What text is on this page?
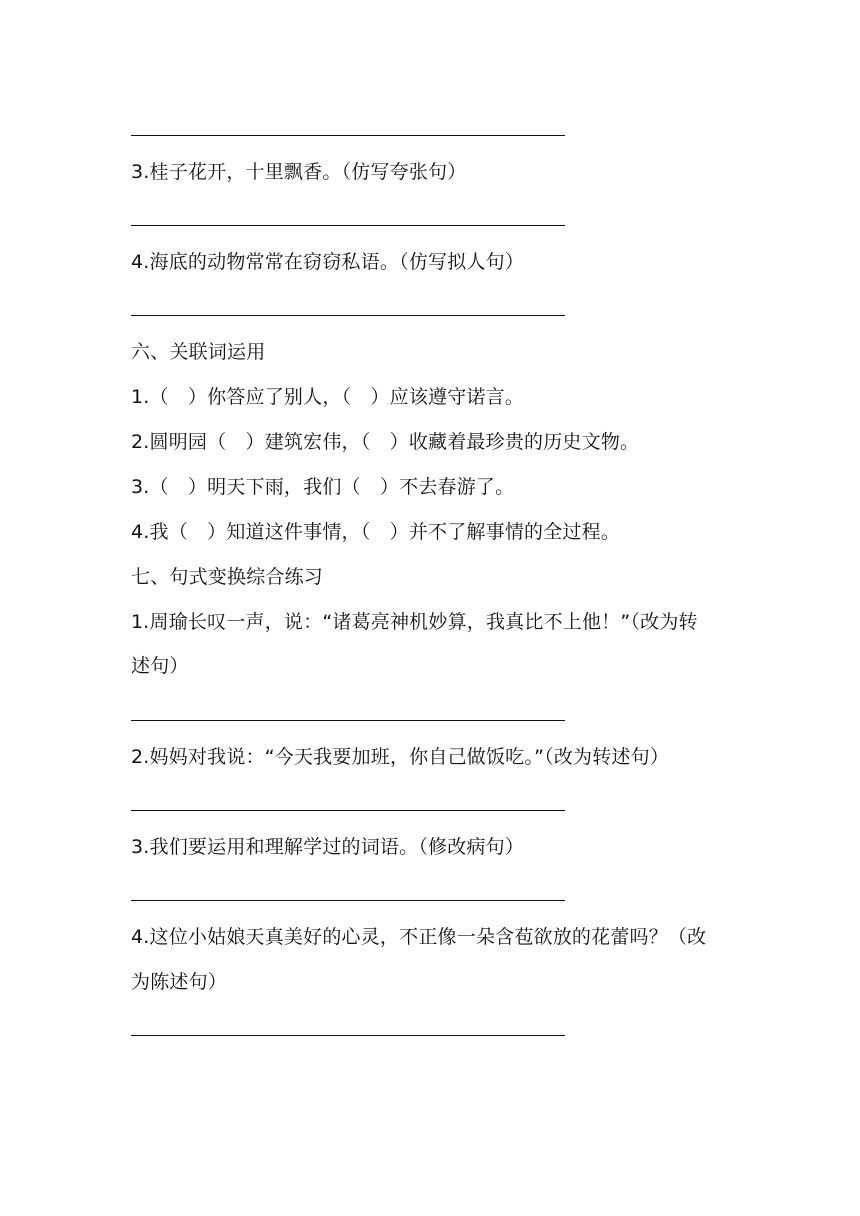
3.桂子花开，十里飘香。（仿写夸张句）
4.海底的动物常常在窃窃私语。（仿写拟人句）
六、关联词运用
1.（　）你答应了别人，（　）应该遵守诺言。
2.圆明园（　）建筑宏伟，（　）收藏着最珍贵的历史文物。
3.（　）明天下雨，我们（　）不去春游了。
4.我（　）知道这件事情，（　）并不了解事情的全过程。
七、句式变换综合练习
1.周瑜长叹一声，说：“诸葛亮神机妙算，我真比不上他！”（改为转
述句）
2.妈妈对我说：“今天我要加班，你自己做饭吃。”（改为转述句）
3.我们要运用和理解学过的词语。（修改病句）
4.这位小姑娘天真美好的心灵，不正像一朵含苞欲放的花蕾吗？（改
为陈述句）
